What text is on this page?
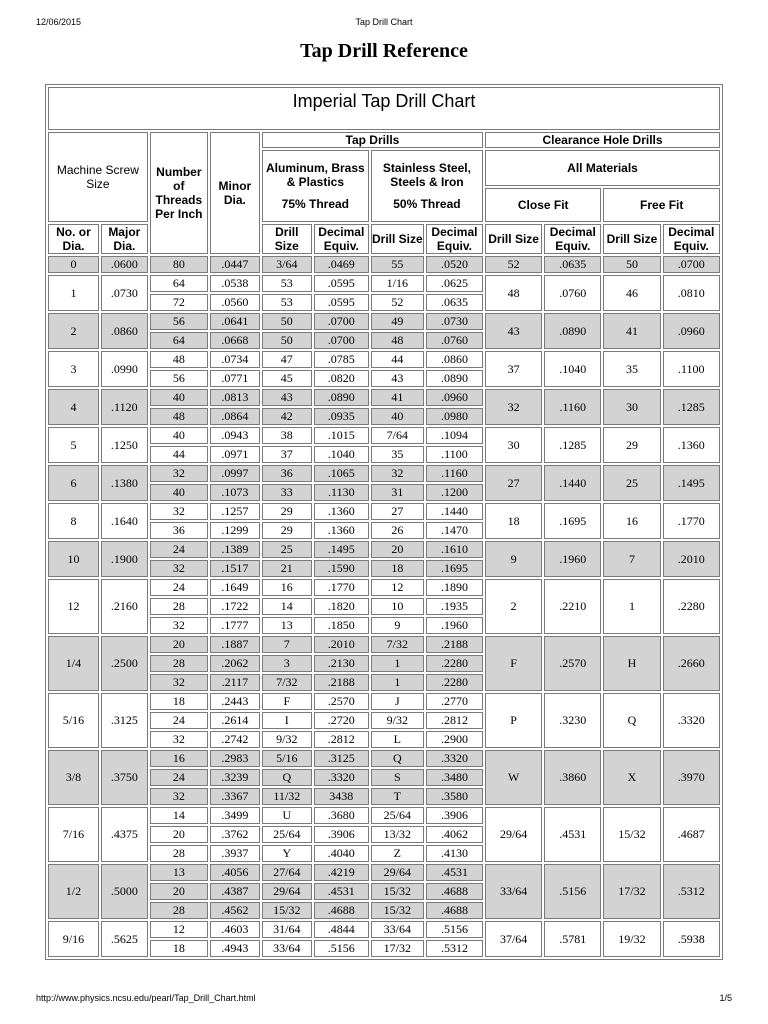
12/06/2015	Tap Drill Chart
Tap Drill Reference
Imperial Tap Drill Chart											
Machine Screw Size		Number of Threads Per Inch	Minor Dia.	Tap Drills				Clearance Hole Drills			
				Aluminum, Brass & Plastics
75% Thread		Stainless Steel, Steels & Iron
50% Thread		All Materials			
								Close Fit		Free Fit	
No. or Dia.	Major Dia.			Drill Size	Decimal Equiv.	Drill Size	Decimal Equiv.	Drill Size	Decimal Equiv.	Drill Size	Decimal Equiv.
0	.0600	80	.0447	3/64	.0469	55	.0520	52	.0635	50	.0700
1	.0730	64	.0538	53	.0595	1/16	.0625	48	.0760	46	.0810
		72	.0560	53	.0595	52	.0635				
2	.0860	56	.0641	50	.0700	49	.0730	43	.0890	41	.0960
		64	.0668	50	.0700	48	.0760				
3	.0990	48	.0734	47	.0785	44	.0860	37	.1040	35	.1100
		56	.0771	45	.0820	43	.0890				
4	.1120	40	.0813	43	.0890	41	.0960	32	.1160	30	.1285
		48	.0864	42	.0935	40	.0980				
5	.1250	40	.0943	38	.1015	7/64	.1094	30	.1285	29	.1360
		44	.0971	37	.1040	35	.1100				
6	.1380	32	.0997	36	.1065	32	.1160	27	.1440	25	.1495
		40	.1073	33	.1130	31	.1200				
8	.1640	32	.1257	29	.1360	27	.1440	18	.1695	16	.1770
		36	.1299	29	.1360	26	.1470				
10	.1900	24	.1389	25	.1495	20	.1610	9	.1960	7	.2010
		32	.1517	21	.1590	18	.1695				
12	.2160	24	.1649	16	.1770	12	.1890	2	.2210	1	.2280
		28	.1722	14	.1820	10	.1935				
		32	.1777	13	.1850	9	.1960				
1/4	.2500	20	.1887	7	.2010	7/32	.2188	F	.2570	H	.2660
		28	.2062	3	.2130	1	.2280				
		32	.2117	7/32	.2188	1	.2280				
5/16	.3125	18	.2443	F	.2570	J	.2770	P	.3230	Q	.3320
		24	.2614	I	.2720	9/32	.2812				
		32	.2742	9/32	.2812	L	.2900				
3/8	.3750	16	.2983	5/16	.3125	Q	.3320	W	.3860	X	.3970
		24	.3239	Q	.3320	S	.3480				
		32	.3367	11/32	3438	T	.3580				
7/16	.4375	14	.3499	U	.3680	25/64	.3906	29/64	.4531	15/32	.4687
		20	.3762	25/64	.3906	13/32	.4062				
		28	.3937	Y	.4040	Z	.4130				
1/2	.5000	13	.4056	27/64	.4219	29/64	.4531	33/64	.5156	17/32	.5312
		20	.4387	29/64	.4531	15/32	.4688				
		28	.4562	15/32	.4688	15/32	.4688				
9/16	.5625	12	.4603	31/64	.4844	33/64	.5156	37/64	.5781	19/32	.5938
		18	.4943	33/64	.5156	17/32	.5312				
http://www.physics.ncsu.edu/pearl/Tap_Drill_Chart.html	1/5
